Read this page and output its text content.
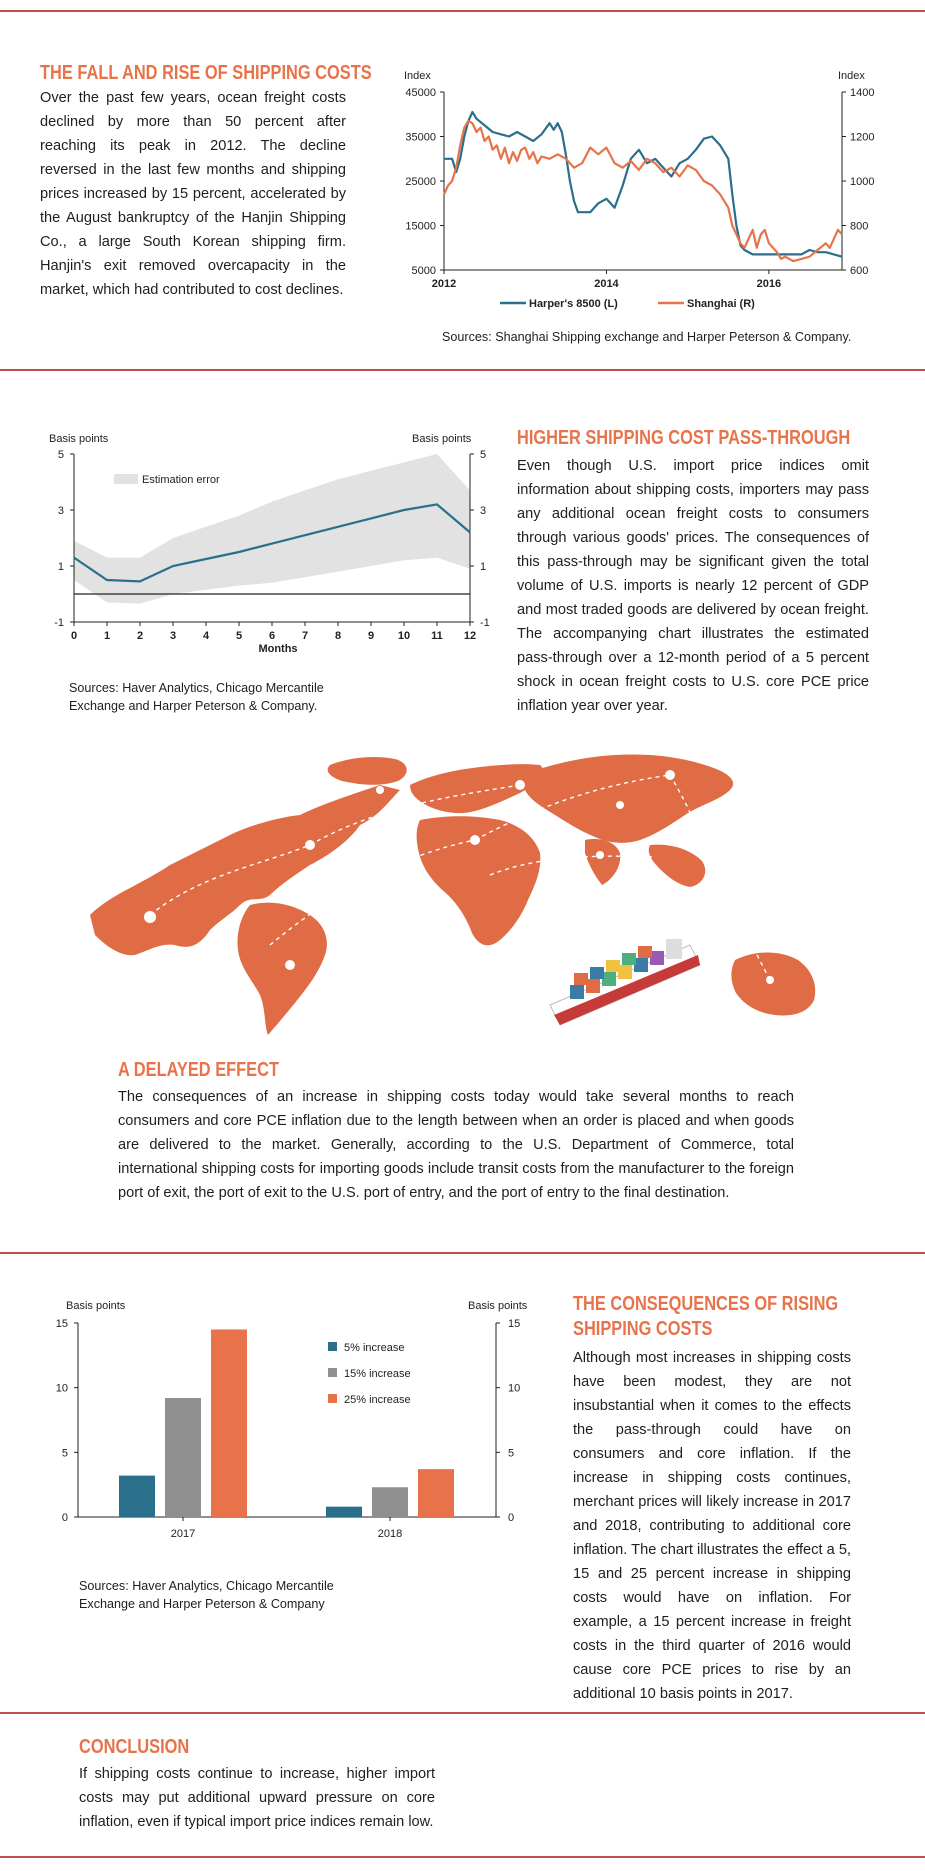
THE FALL AND RISE OF SHIPPING COSTS
Over the past few years, ocean freight costs declined by more than 50 percent after reaching its peak in 2012. The decline reversed in the last few months and shipping prices increased by 15 percent, accelerated by the August bankruptcy of the Hanjin Shipping Co., a large South Korean shipping firm. Hanjin's exit removed overcapacity in the market, which had contributed to cost declines.
Index	Index
5000
15000
25000
35000
45000
600
800
1000
1200
1400
2012	2014	2016
Harper's 8500 (L)	Shanghai (R)
Sources: Shanghai Shipping exchange and Harper Peterson & Company.
Basis points	Basis points
-1
1
3
5
-1
1
3
5
0 1 2 3 4 5 6 7 8 9 10 11 12
Months
Estimation error
Sources: Haver Analytics, Chicago Mercantile
Exchange and Harper Peterson & Company.
HIGHER SHIPPING COST PASS-THROUGH
Even though U.S. import price indices omit information about shipping costs, importers may pass any additional ocean freight costs to consumers through various goods' prices. The consequences of this pass-through may be significant given the total volume of U.S. imports is nearly 12 percent of GDP and most traded goods are delivered by ocean freight. The accompanying chart illustrates the estimated pass-through over a 12-month period of a 5 percent shock in ocean freight costs to U.S. core PCE price inflation year over year.
A DELAYED EFFECT
The consequences of an increase in shipping costs today would take several months to reach consumers and core PCE inflation due to the length between when an order is placed and when goods are delivered to the market. Generally, according to the U.S. Department of Commerce, total international shipping costs for importing goods include transit costs from the manufacturer to the foreign port of exit, the port of exit to the U.S. port of entry, and the port of entry to the final destination.
Basis points	Basis points
0	0
5	5
10	10
15	15
2017	2018
5% increase
15% increase
25% increase
Sources: Haver Analytics, Chicago Mercantile
Exchange and Harper Peterson & Company
THE CONSEQUENCES OF RISING
SHIPPING COSTS
Although most increases in shipping costs have been modest, they are not insubstantial when it comes to the effects the pass-through could have on consumers and core inflation. If the increase in shipping costs continues, merchant prices will likely increase in 2017 and 2018, contributing to additional core inflation. The chart illustrates the effect a 5, 15 and 25 percent increase in shipping costs would have on inflation. For example, a 15 percent increase in freight costs in the third quarter of 2016 would cause core PCE prices to rise by an additional 10 basis points in 2017.
CONCLUSION
If shipping costs continue to increase, higher import costs may put additional upward pressure on core inflation, even if typical import price indices remain low.
